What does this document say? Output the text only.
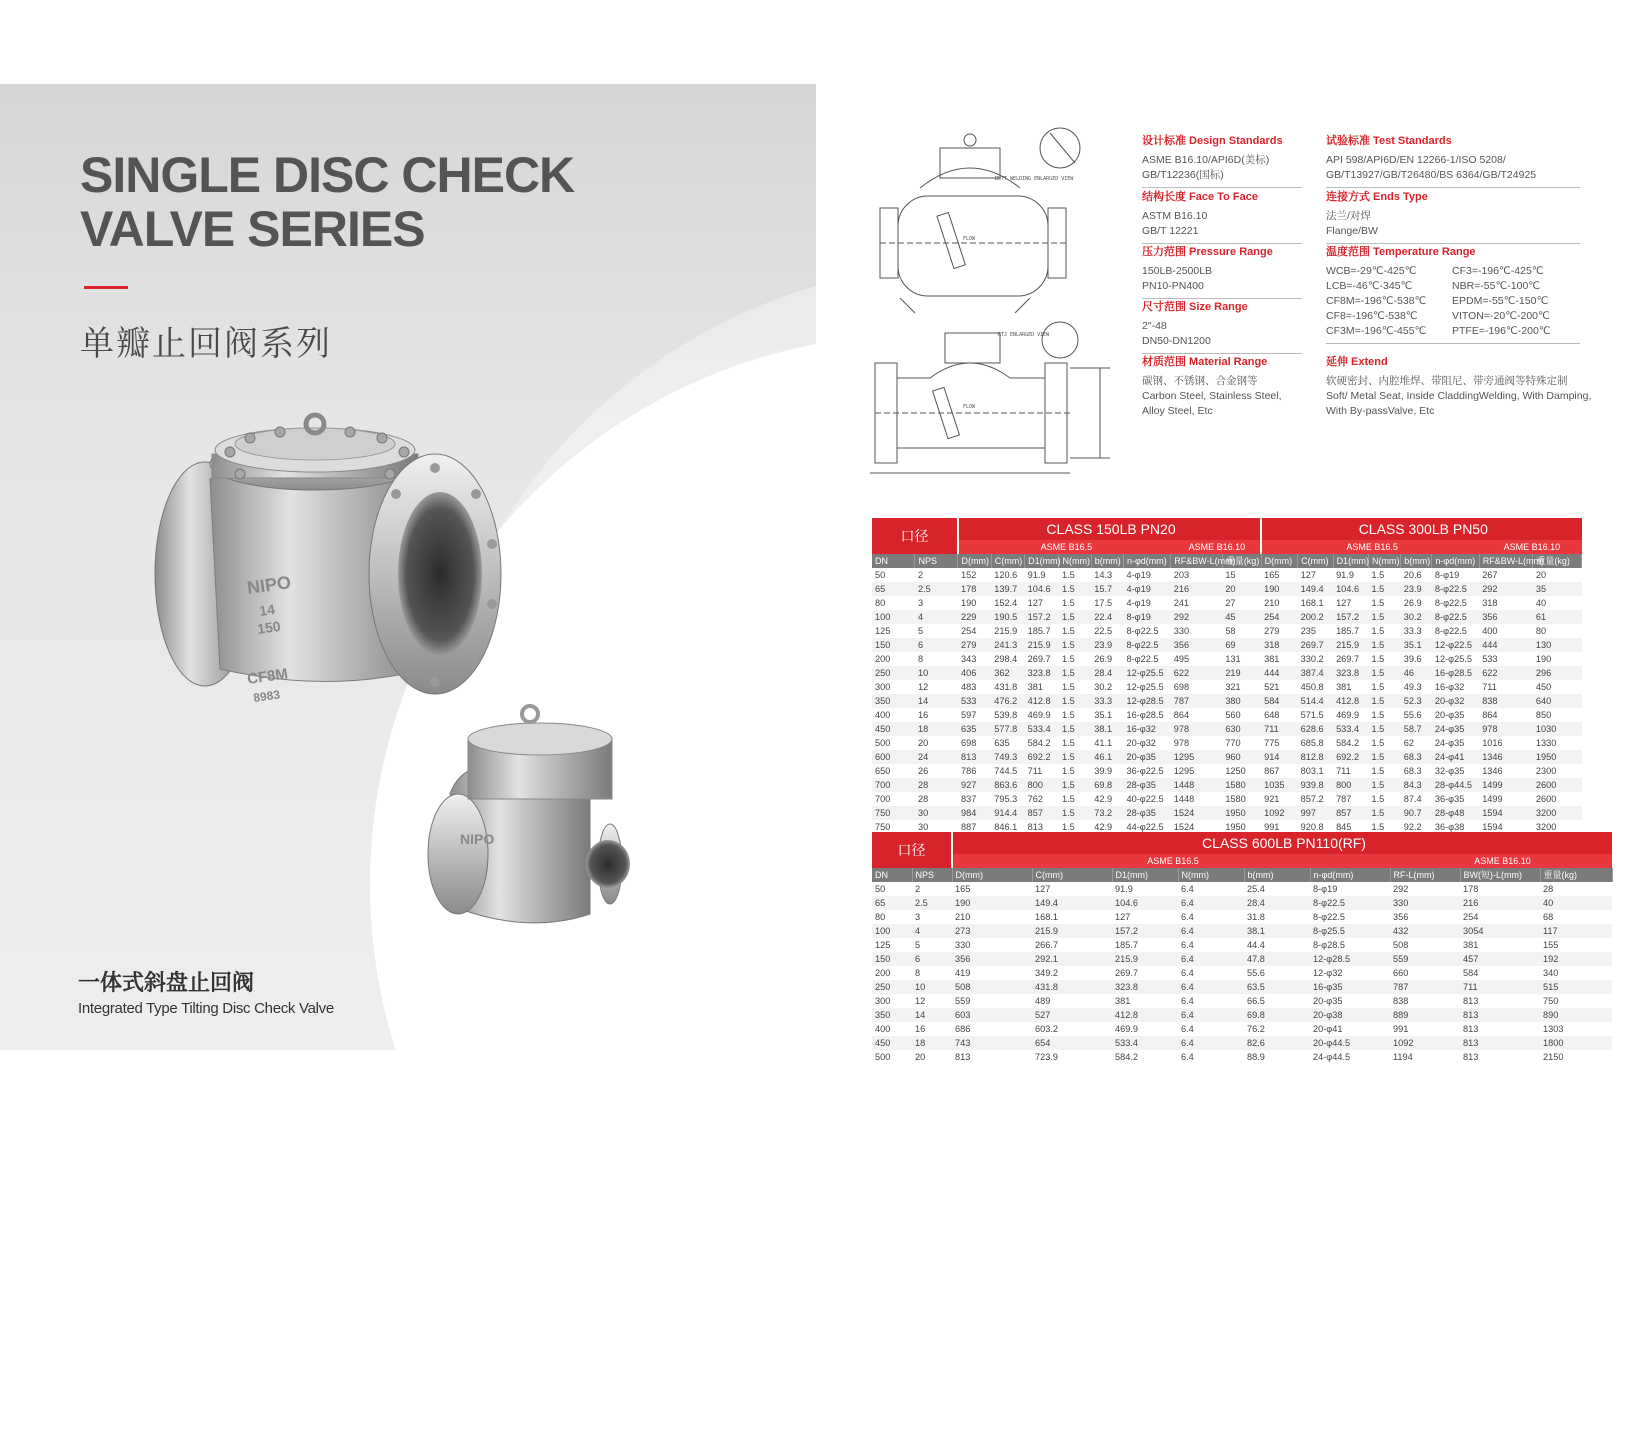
SINGLE DISC CHECK
VALVE SERIES
单瓣止回阀系列
NIPO
14
150
CF8M
8983
NIPO
一体式斜盘止回阀
Integrated Type Tilting Disc Check Valve
BUTT WELDING ENLARGED VIEW
RTJ ENLARGED VIEW
FLOW
FLOW
设计标准 Design Standards
ASME B16.10/API6D(美标)
GB/T12236(国标)
结构长度 Face To Face
ASTM B16.10
GB/T 12221
压力范围 Pressure Range
150LB-2500LB
PN10-PN400
尺寸范围 Size Range
2"-48
DN50-DN1200
材质范围 Material Range
碳钢、不锈钢、合金钢等
Carbon Steel, Stainless Steel,
Alloy Steel, Etc
试验标准 Test Standards
API 598/API6D/EN 12266-1/ISO 5208/
GB/T13927/GB/T26480/BS 6364/GB/T24925
连接方式 Ends Type
法兰/对焊
Flange/BW
温度范围 Temperature Range
WCB=-29℃-425℃	CF3=-196℃-425℃
LCB=-46℃-345℃	NBR=-55℃-100℃
CF8M=-196℃-538℃	EPDM=-55℃-150℃
CF8=-196℃-538℃	VITON=-20℃-200℃
CF3M=-196℃-455℃	PTFE=-196℃-200℃
延伸 Extend
软硬密封、内腔堆焊、带阻尼、带旁通阀等特殊定制
Soft/ Metal Seat, Inside CladdingWelding, With Damping,
With By-passValve, Etc
口径		CLASS 150LB PN20								CLASS 300LB PN50							
		ASME B16.5						ASME B16.10		ASME B16.5						ASME B16.10	
DN	NPS	D(mm)	C(mm)	D1(mm)	N(mm)	b(mm)	n-φd(mm)	RF&BW-L(mm)	重量(kg)	D(mm)	C(mm)	D1(mm)	N(mm)	b(mm)	n-φd(mm)	RF&BW-L(mm)	重量(kg)
50	2	152	120.6	91.9	1.5	14.3	4-φ19	203	15	165	127	91.9	1.5	20.6	8-φ19	267	20
65	2.5	178	139.7	104.6	1.5	15.7	4-φ19	216	20	190	149.4	104.6	1.5	23.9	8-φ22.5	292	35
80	3	190	152.4	127	1.5	17.5	4-φ19	241	27	210	168.1	127	1.5	26.9	8-φ22.5	318	40
100	4	229	190.5	157.2	1.5	22.4	8-φ19	292	45	254	200.2	157.2	1.5	30.2	8-φ22.5	356	61
125	5	254	215.9	185.7	1.5	22.5	8-φ22.5	330	58	279	235	185.7	1.5	33.3	8-φ22.5	400	80
150	6	279	241.3	215.9	1.5	23.9	8-φ22.5	356	69	318	269.7	215.9	1.5	35.1	12-φ22.5	444	130
200	8	343	298.4	269.7	1.5	26.9	8-φ22.5	495	131	381	330.2	269.7	1.5	39.6	12-φ25.5	533	190
250	10	406	362	323.8	1.5	28.4	12-φ25.5	622	219	444	387.4	323.8	1.5	46	16-φ28.5	622	296
300	12	483	431.8	381	1.5	30.2	12-φ25.5	698	321	521	450.8	381	1.5	49.3	16-φ32	711	450
350	14	533	476.2	412.8	1.5	33.3	12-φ28.5	787	380	584	514.4	412.8	1.5	52.3	20-φ32	838	640
400	16	597	539.8	469.9	1.5	35.1	16-φ28.5	864	560	648	571.5	469.9	1.5	55.6	20-φ35	864	850
450	18	635	577.8	533.4	1.5	38.1	16-φ32	978	630	711	628.6	533.4	1.5	58.7	24-φ35	978	1030
500	20	698	635	584.2	1.5	41.1	20-φ32	978	770	775	685.8	584.2	1.5	62	24-φ35	1016	1330
600	24	813	749.3	692.2	1.5	46.1	20-φ35	1295	960	914	812.8	692.2	1.5	68.3	24-φ41	1346	1950
650	26	786	744.5	711	1.5	39.9	36-φ22.5	1295	1250	867	803.1	711	1.5	68.3	32-φ35	1346	2300
700	28	927	863.6	800	1.5	69.8	28-φ35	1448	1580	1035	939.8	800	1.5	84.3	28-φ44.5	1499	2600
700	28	837	795.3	762	1.5	42.9	40-φ22.5	1448	1580	921	857.2	787	1.5	87.4	36-φ35	1499	2600
750	30	984	914.4	857	1.5	73.2	28-φ35	1524	1950	1092	997	857	1.5	90.7	28-φ48	1594	3200
750	30	887	846.1	813	1.5	42.9	44-φ22.5	1524	1950	991	920.8	845	1.5	92.2	36-φ38	1594	3200
口径		CLASS 600LB PN110(RF)								
		ASME B16.5						ASME B16.10		
DN	NPS	D(mm)	C(mm)	D1(mm)	N(mm)	b(mm)	n-φd(mm)	RF-L(mm)	BW(短)-L(mm)	重量(kg)
50	2	165	127	91.9	6.4	25.4	8-φ19	292	178	28
65	2.5	190	149.4	104.6	6.4	28.4	8-φ22.5	330	216	40
80	3	210	168.1	127	6.4	31.8	8-φ22.5	356	254	68
100	4	273	215.9	157.2	6.4	38.1	8-φ25.5	432	3054	117
125	5	330	266.7	185.7	6.4	44.4	8-φ28.5	508	381	155
150	6	356	292.1	215.9	6.4	47.8	12-φ28.5	559	457	192
200	8	419	349.2	269.7	6.4	55.6	12-φ32	660	584	340
250	10	508	431.8	323.8	6.4	63.5	16-φ35	787	711	515
300	12	559	489	381	6.4	66.5	20-φ35	838	813	750
350	14	603	527	412.8	6.4	69.8	20-φ38	889	813	890
400	16	686	603.2	469.9	6.4	76.2	20-φ41	991	813	1303
450	18	743	654	533.4	6.4	82.6	20-φ44.5	1092	813	1800
500	20	813	723.9	584.2	6.4	88.9	24-φ44.5	1194	813	2150
